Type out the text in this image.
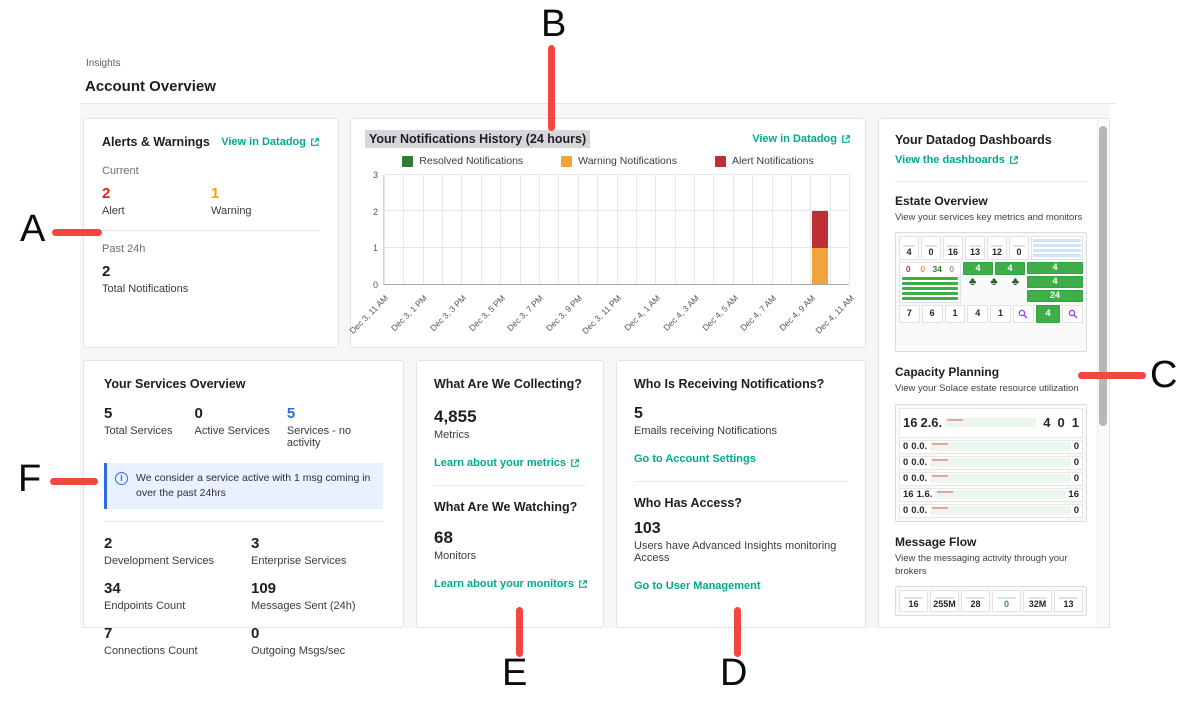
Insights
Account Overview
Alerts & Warnings View in Datadog
Current
2
Alert
1
Warning
Past 24h
2
Total Notifications
Your Notifications History (24 hours)	View in Datadog
Resolved Notifications	Warning Notifications	Alert Notifications
0
1
2
3
Dec 3, 11 AM
Dec 3, 1 PM
Dec 3, 3 PM
Dec 3, 5 PM
Dec 3, 7 PM
Dec 3, 9 PM
Dec 3, 11 PM Dec 4, 1 AM Dec 4, 3 AM Dec 4, 5 AM Dec 4, 7 AM Dec 4, 9 AM
Dec 4, 11 AM
Your Services Overview
5
Total Services
0
Active Services
5
Services - no activity
i	We consider a service active with 1 msg coming in over the past 24hrs
2
Development Services
3
Enterprise Services
34
Endpoints Count
109
Messages Sent (24h)
7
Connections Count
0
Outgoing Msgs/sec
What Are We Collecting?
4,855
Metrics
Learn about your metrics
What Are We Watching?
68
Monitors
Learn about your monitors
Who Is Receiving Notifications?
5
Emails receiving Notifications
Go to Account Settings
Who Has Access?
103
Users have Advanced Insights monitoring Access
Go to User Management
Your Datadog Dashboards
View the dashboards
Estate Overview
View your services key metrics and monitors
4 0 16 13 12 0
0	0 34 0	4	4
♣ ♣ ♣
4
4
24
7 6 1 4 1	4
Capacity Planning
View your Solace estate resource utilization
16 2.6.	4 0 1
0 0.0.	0
0 0.0.	0
0 0.0.	0
16 1.6.	16
0 0.0.	0
Message Flow
View the messaging activity through your brokers
16 255M 28	0 32M 13
A
B
C
D
E
F
